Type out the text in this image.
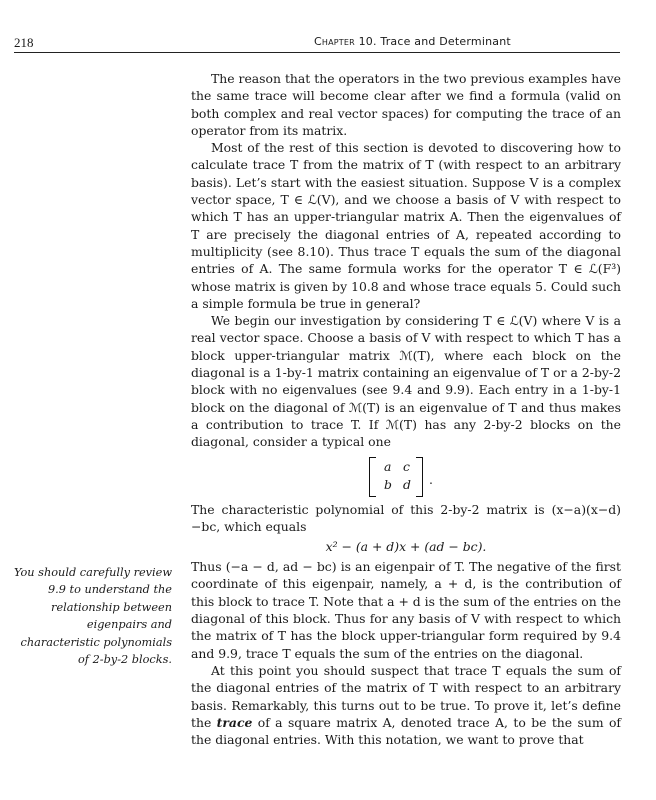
218	Chapter 10. Trace and Determinant

The reason that the operators in the two previous examples have the same trace will become clear after we find a formula (valid on both complex and real vector spaces) for computing the trace of an operator from its matrix.

Most of the rest of this section is devoted to discovering how to calculate trace T from the matrix of T (with respect to an arbitrary basis). Let’s start with the easiest situation. Suppose V is a complex vector space, T ∈ ℒ(V), and we choose a basis of V with respect to which T has an upper-triangular matrix A. Then the eigenvalues of T are precisely the diagonal entries of A, repeated according to multiplicity (see 8.10). Thus trace T equals the sum of the diagonal entries of A. The same formula works for the operator T ∈ ℒ(F³) whose matrix is given by 10.8 and whose trace equals 5. Could such a simple formula be true in general?

We begin our investigation by considering T ∈ ℒ(V) where V is a real vector space. Choose a basis of V with respect to which T has a block upper-triangular matrix ℳ(T), where each block on the diagonal is a 1-by-1 matrix containing an eigenvalue of T or a 2-by-2 block with no eigenvalues (see 9.4 and 9.9). Each entry in a 1-by-1 block on the diagonal of ℳ(T) is an eigenvalue of T and thus makes a contribution to trace T. If ℳ(T) has any 2-by-2 blocks on the diagonal, consider a typical one

a c
b d .

The characteristic polynomial of this 2-by-2 matrix is (x−a)(x−d)−bc, which equals

x² − (a + d)x + (ad − bc).

Thus (−a − d, ad − bc) is an eigenpair of T. The negative of the first coordinate of this eigenpair, namely, a + d, is the contribution of this block to trace T. Note that a + d is the sum of the entries on the diagonal of this block. Thus for any basis of V with respect to which the matrix of T has the block upper-triangular form required by 9.4 and 9.9, trace T equals the sum of the entries on the diagonal.

At this point you should suspect that trace T equals the sum of the diagonal entries of the matrix of T with respect to an arbitrary basis. Remarkably, this turns out to be true. To prove it, let’s define the trace of a square matrix A, denoted trace A, to be the sum of the diagonal entries. With this notation, we want to prove that

You should carefully review 9.9 to understand the relationship between eigenpairs and characteristic polynomials of 2-by-2 blocks.
